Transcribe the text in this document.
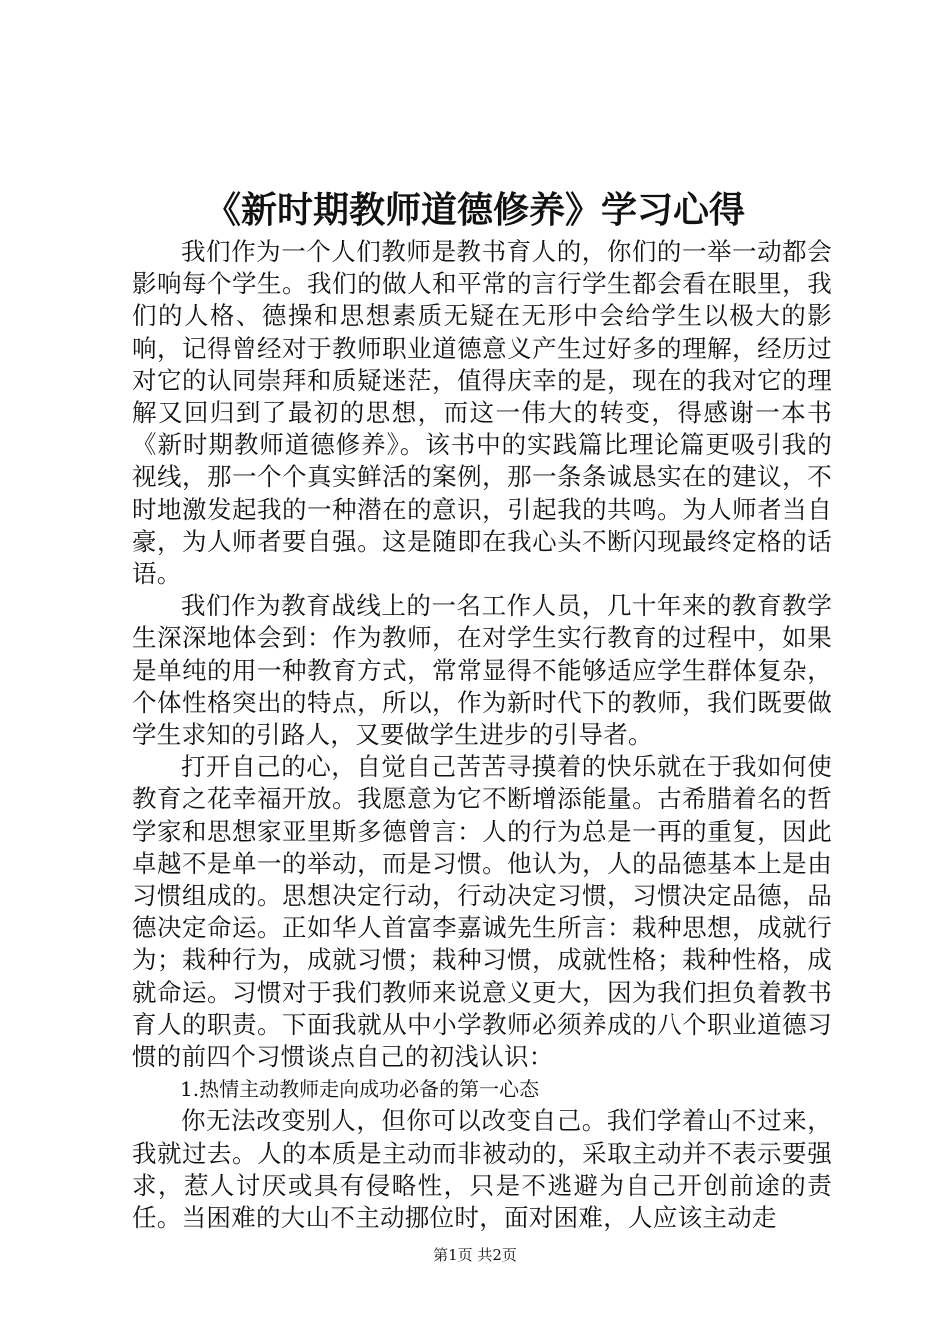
《新时期教师道德修养》学习心得

我们作为一个人们教师是教书育人的，你们的一举一动都会影响每个学生。我们的做人和平常的言行学生都会看在眼里，我们的人格、德操和思想素质无疑在无形中会给学生以极大的影响，记得曾经对于教师职业道德意义产生过好多的理解，经历过对它的认同崇拜和质疑迷茫，值得庆幸的是，现在的我对它的理解又回归到了最初的思想，而这一伟大的转变，得感谢一本书《新时期教师道德修养》。该书中的实践篇比理论篇更吸引我的视线，那一个个真实鲜活的案例，那一条条诚恳实在的建议，不时地激发起我的一种潜在的意识，引起我的共鸣。为人师者当自豪，为人师者要自强。这是随即在我心头不断闪现最终定格的话语。

我们作为教育战线上的一名工作人员，几十年来的教育教学生深深地体会到：作为教师，在对学生实行教育的过程中，如果是单纯的用一种教育方式，常常显得不能够适应学生群体复杂，个体性格突出的特点，所以，作为新时代下的教师，我们既要做学生求知的引路人，又要做学生进步的引导者。

打开自己的心，自觉自己苦苦寻摸着的快乐就在于我如何使教育之花幸福开放。我愿意为它不断增添能量。古希腊着名的哲学家和思想家亚里斯多德曾言：人的行为总是一再的重复，因此卓越不是单一的举动，而是习惯。他认为，人的品德基本上是由习惯组成的。思想决定行动，行动决定习惯，习惯决定品德，品德决定命运。正如华人首富李嘉诚先生所言：栽种思想，成就行为；栽种行为，成就习惯；栽种习惯，成就性格；栽种性格，成就命运。习惯对于我们教师来说意义更大，因为我们担负着教书育人的职责。下面我就从中小学教师必须养成的八个职业道德习惯的前四个习惯谈点自己的初浅认识：

1.热情主动教师走向成功必备的第一心态

你无法改变别人，但你可以改变自己。我们学着山不过来，我就过去。人的本质是主动而非被动的，采取主动并不表示要强求，惹人讨厌或具有侵略性，只是不逃避为自己开创前途的责任。当困难的大山不主动挪位时，面对困难，人应该主动走

第1页 共2页
